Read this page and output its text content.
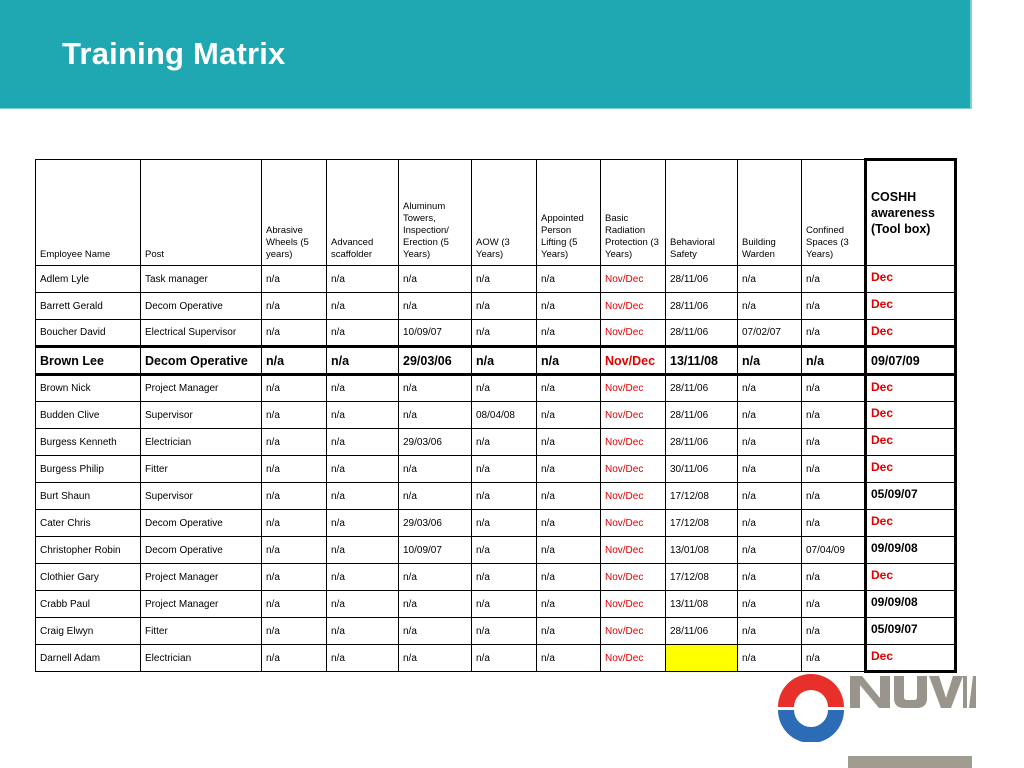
Training Matrix
Employee Name	Post	Abrasive Wheels (5 years)	Advanced scaffolder	Aluminum Towers, Inspection/ Erection (5 Years)	AOW (3 Years)	Appointed Person Lifting (5 Years)	Basic Radiation Protection (3 Years)	Behavioral Safety	Building Warden	Confined Spaces (3 Years)	COSHH awareness (Tool box)
Adlem Lyle	Task manager	n/a	n/a	n/a	n/a	n/a	Nov/Dec	28/11/06	n/a	n/a	Dec
Barrett Gerald	Decom Operative	n/a	n/a	n/a	n/a	n/a	Nov/Dec	28/11/06	n/a	n/a	Dec
Boucher David	Electrical Supervisor	n/a	n/a	10/09/07	n/a	n/a	Nov/Dec	28/11/06	07/02/07	n/a	Dec
Brown Lee	Decom Operative	n/a	n/a	29/03/06	n/a	n/a	Nov/Dec	13/11/08	n/a	n/a	09/07/09
Brown Nick	Project Manager	n/a	n/a	n/a	n/a	n/a	Nov/Dec	28/11/06	n/a	n/a	Dec
Budden Clive	Supervisor	n/a	n/a	n/a	08/04/08	n/a	Nov/Dec	28/11/06	n/a	n/a	Dec
Burgess Kenneth	Electrician	n/a	n/a	29/03/06	n/a	n/a	Nov/Dec	28/11/06	n/a	n/a	Dec
Burgess Philip	Fitter	n/a	n/a	n/a	n/a	n/a	Nov/Dec	30/11/06	n/a	n/a	Dec
Burt Shaun	Supervisor	n/a	n/a	n/a	n/a	n/a	Nov/Dec	17/12/08	n/a	n/a	05/09/07
Cater Chris	Decom Operative	n/a	n/a	29/03/06	n/a	n/a	Nov/Dec	17/12/08	n/a	n/a	Dec
Christopher Robin	Decom Operative	n/a	n/a	10/09/07	n/a	n/a	Nov/Dec	13/01/08	n/a	07/04/09	09/09/08
Clothier Gary	Project Manager	n/a	n/a	n/a	n/a	n/a	Nov/Dec	17/12/08	n/a	n/a	Dec
Crabb Paul	Project Manager	n/a	n/a	n/a	n/a	n/a	Nov/Dec	13/11/08	n/a	n/a	09/09/08
Craig Elwyn	Fitter	n/a	n/a	n/a	n/a	n/a	Nov/Dec	28/11/06	n/a	n/a	05/09/07
Darnell Adam	Electrician	n/a	n/a	n/a	n/a	n/a	Nov/Dec		n/a	n/a	Dec
